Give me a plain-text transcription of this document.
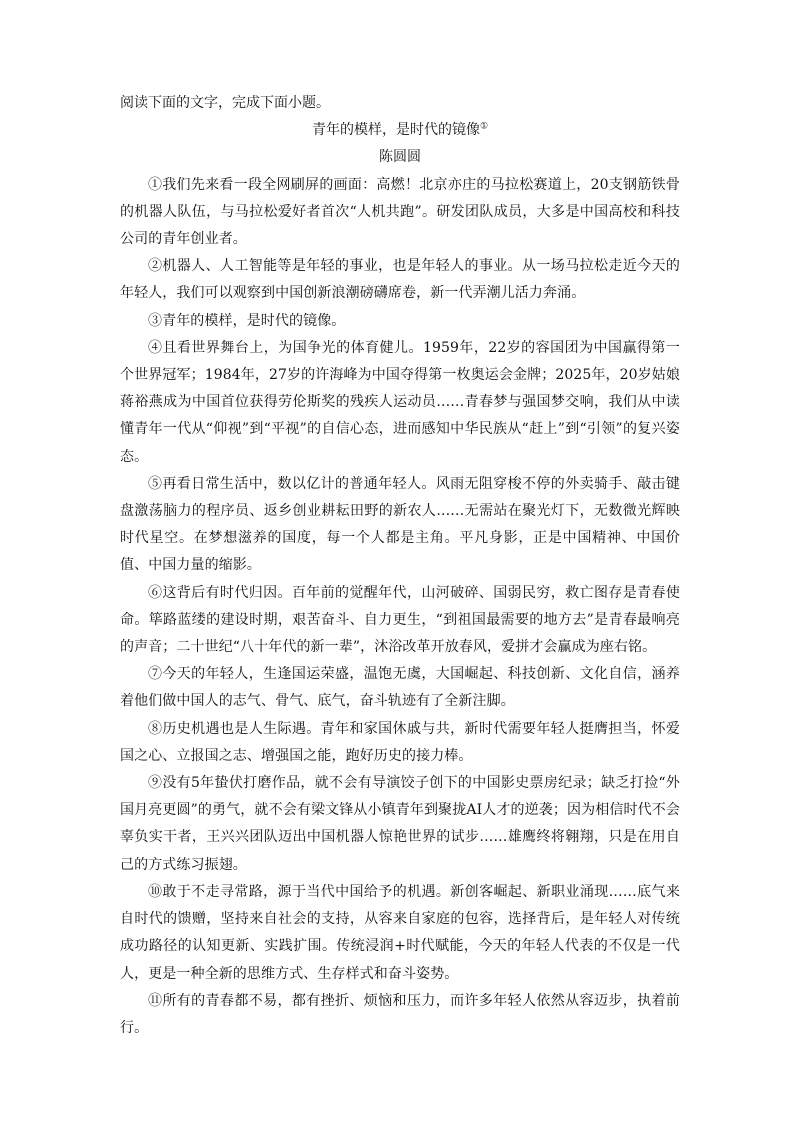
阅读下面的文字，完成下面小题。
青年的模样，是时代的镜像①
陈圆圆
①我们先来看一段全网刷屏的画面：高燃！北京亦庄的马拉松赛道上，20支钢筋铁骨的机器人队伍，与马拉松爱好者首次“人机共跑”。研发团队成员，大多是中国高校和科技公司的青年创业者。
②机器人、人工智能等是年轻的事业，也是年轻人的事业。从一场马拉松走近今天的年轻人，我们可以观察到中国创新浪潮磅礴席卷，新一代弄潮儿活力奔涌。
③青年的模样，是时代的镜像。
④且看世界舞台上，为国争光的体育健儿。1959年，22岁的容国团为中国赢得第一个世界冠军；1984年，27岁的许海峰为中国夺得第一枚奥运会金牌；2025年，20岁姑娘蒋裕燕成为中国首位获得劳伦斯奖的残疾人运动员……青春梦与强国梦交响，我们从中读懂青年一代从“仰视”到“平视”的自信心态，进而感知中华民族从“赶上”到“引领”的复兴姿态。
⑤再看日常生活中，数以亿计的普通年轻人。风雨无阻穿梭不停的外卖骑手、敲击键盘激荡脑力的程序员、返乡创业耕耘田野的新农人……无需站在聚光灯下，无数微光辉映时代星空。在梦想滋养的国度，每一个人都是主角。平凡身影，正是中国精神、中国价值、中国力量的缩影。
⑥这背后有时代归因。百年前的觉醒年代，山河破碎、国弱民穷，救亡图存是青春使命。筚路蓝缕的建设时期，艰苦奋斗、自力更生，“到祖国最需要的地方去”是青春最响亮的声音；二十世纪“八十年代的新一辈”，沐浴改革开放春风，爱拼才会赢成为座右铭。
⑦今天的年轻人，生逢国运荣盛，温饱无虞，大国崛起、科技创新、文化自信，涵养着他们做中国人的志气、骨气、底气，奋斗轨迹有了全新注脚。
⑧历史机遇也是人生际遇。青年和家国休戚与共，新时代需要年轻人挺膺担当，怀爱国之心、立报国之志、增强国之能，跑好历史的接力棒。
⑨没有5年蛰伏打磨作品，就不会有导演饺子创下的中国影史票房纪录；缺乏打捡“外国月亮更圆”的勇气，就不会有梁文锋从小镇青年到聚拢AI人才的逆袭；因为相信时代不会辜负实干者，王兴兴团队迈出中国机器人惊艳世界的试步……雄鹰终将翱翔，只是在用自己的方式练习振翅。
⑩敢于不走寻常路，源于当代中国给予的机遇。新创客崛起、新职业涌现……底气来自时代的馈赠，坚持来自社会的支持，从容来自家庭的包容，选择背后，是年轻人对传统成功路径的认知更新、实践扩围。传统浸润+时代赋能，今天的年轻人代表的不仅是一代人，更是一种全新的思维方式、生存样式和奋斗姿势。
⑪所有的青春都不易，都有挫折、烦恼和压力，而许多年轻人依然从容迈步，执着前行。
